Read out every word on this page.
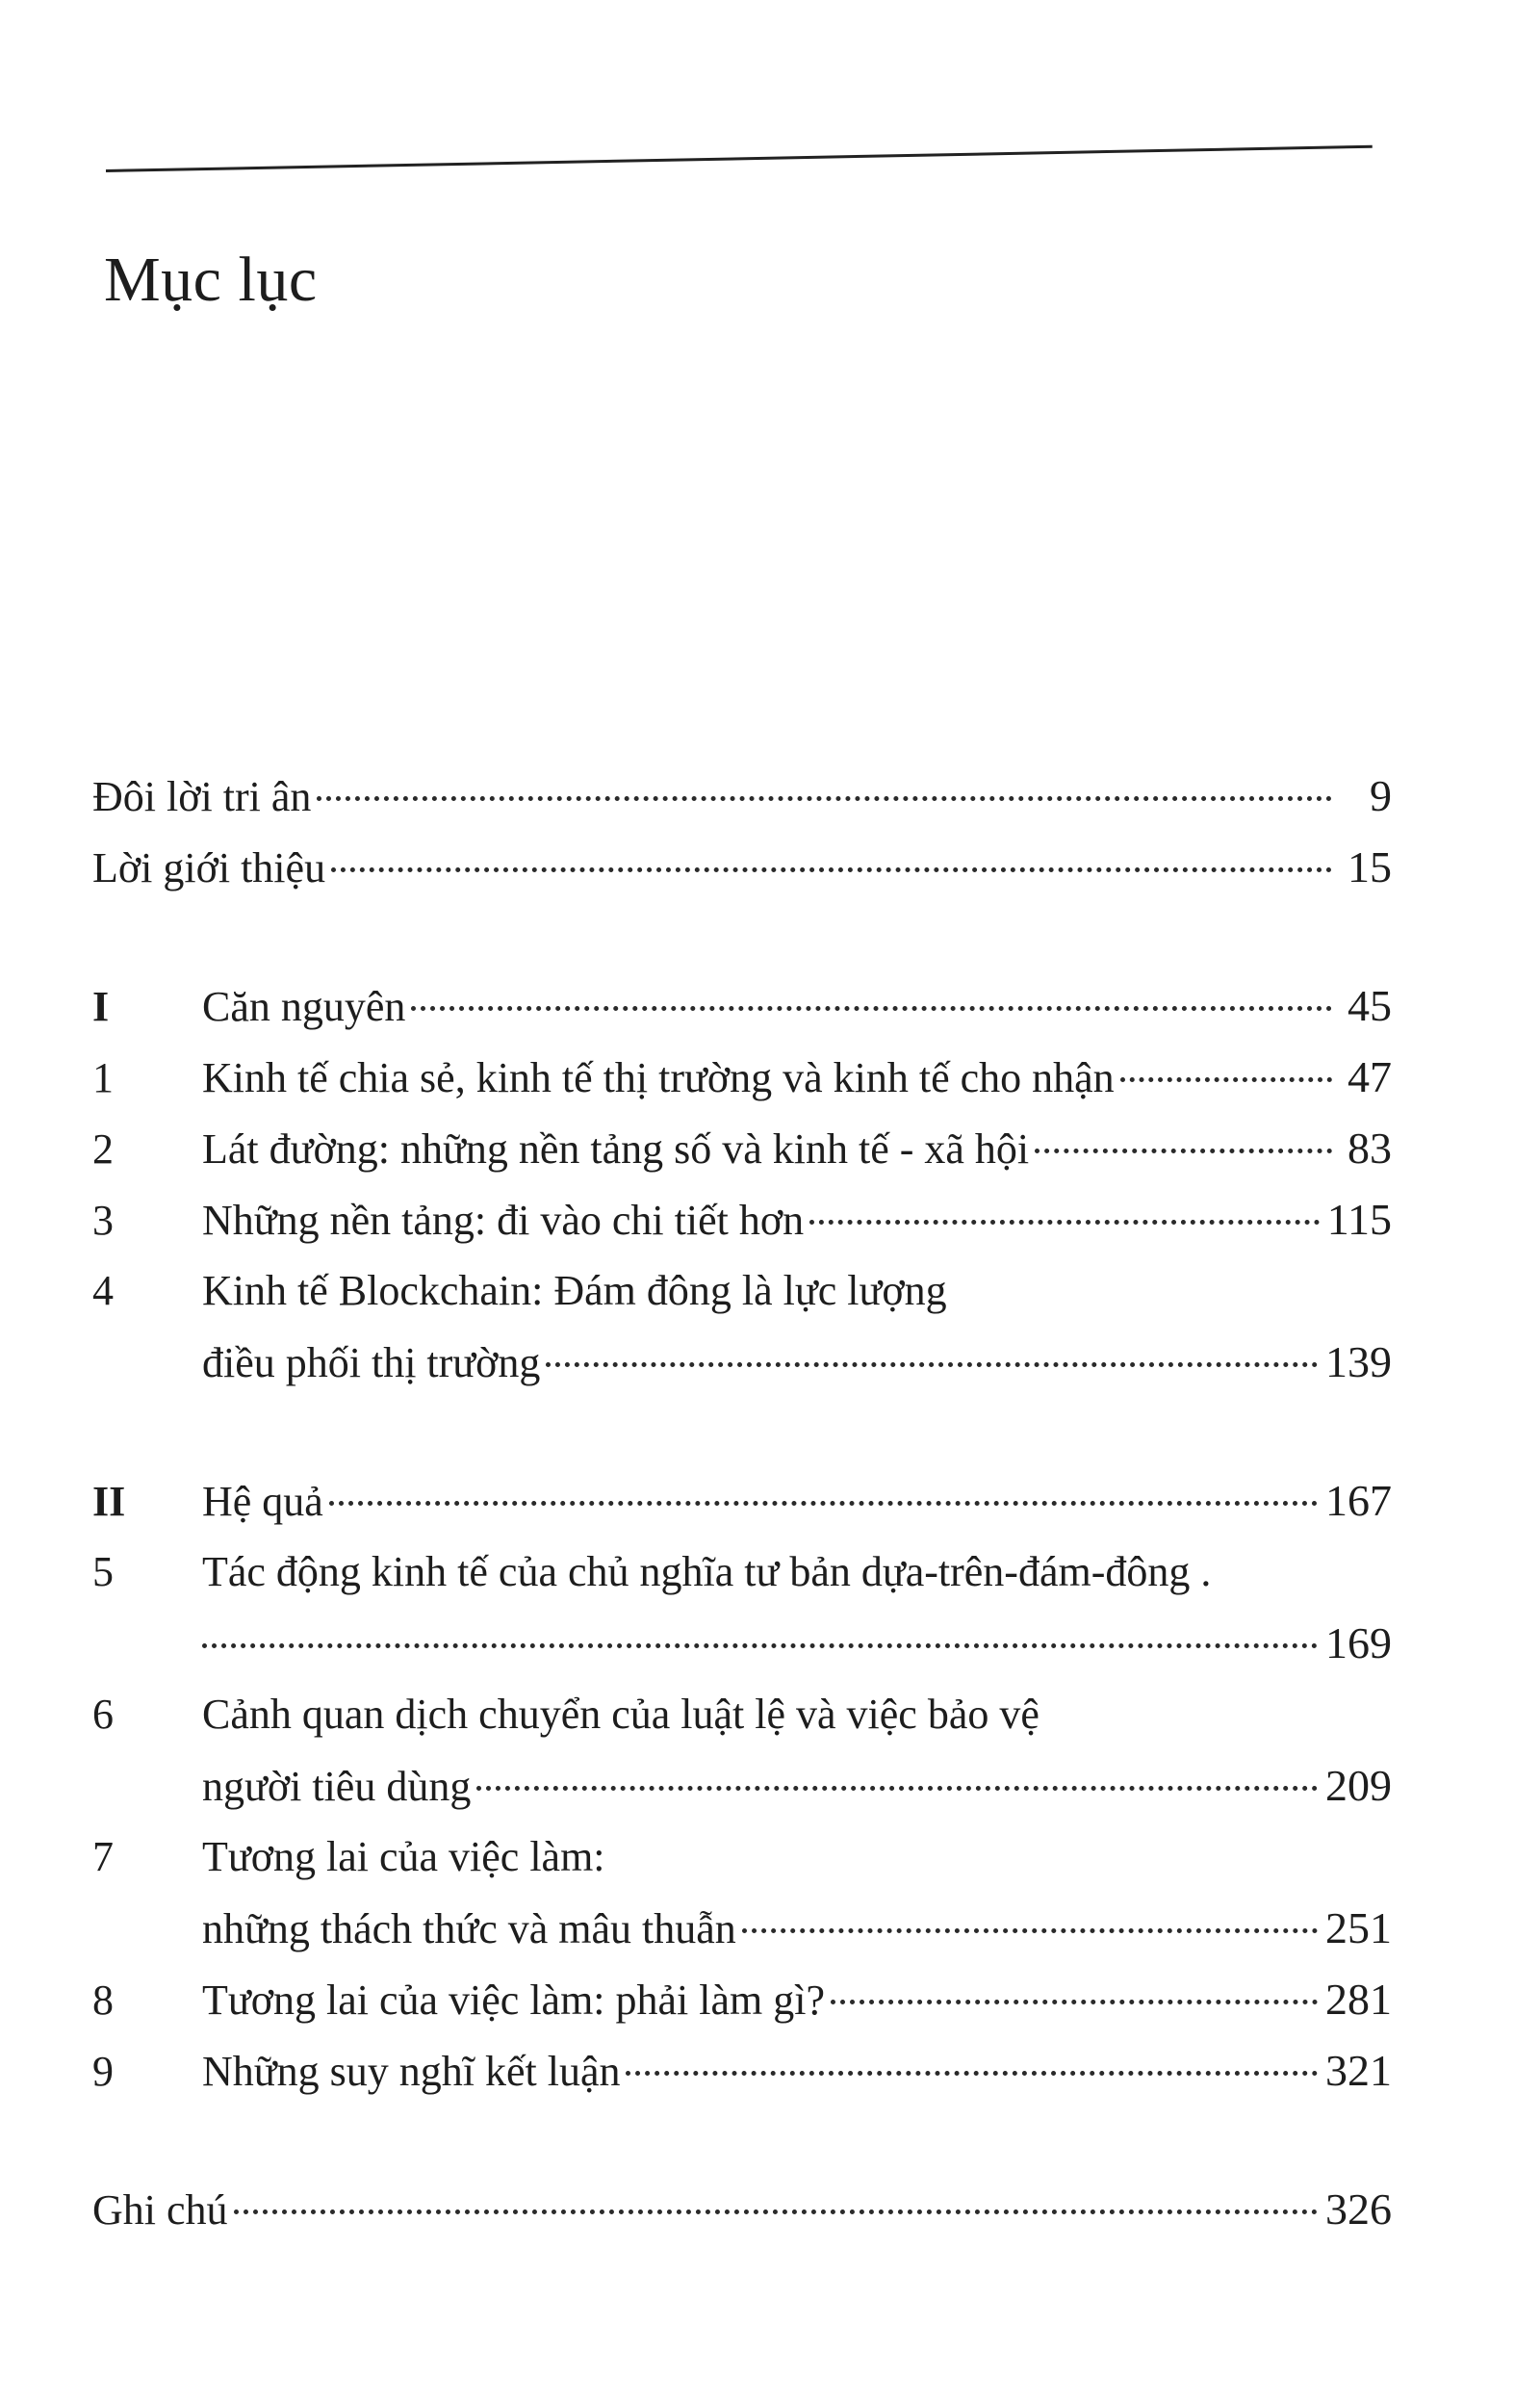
Mục lục
Đôi lời tri ân	9
Lời giới thiệu	15
I	Căn nguyên	45
1	Kinh tế chia sẻ, kinh tế thị trường và kinh tế cho nhận	47
2	Lát đường: những nền tảng số và kinh tế - xã hội	83
3	Những nền tảng: đi vào chi tiết hơn	115
4	Kinh tế Blockchain: Đám đông là lực lượng
điều phối thị trường	139
II	Hệ quả	167
5	Tác động kinh tế của chủ nghĩa tư bản dựa-trên-đám-đông .
169
6	Cảnh quan dịch chuyển của luật lệ và việc bảo vệ
người tiêu dùng	209
7	Tương lai của việc làm:
những thách thức và mâu thuẫn	251
8	Tương lai của việc làm: phải làm gì?	281
9	Những suy nghĩ kết luận	321
Ghi chú	326
